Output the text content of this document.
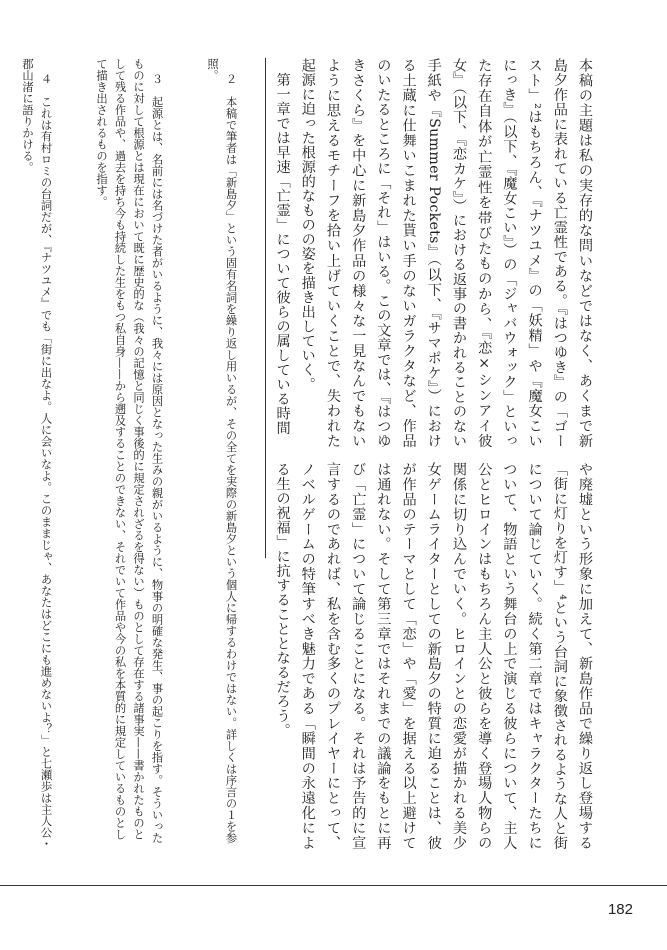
本稿の主題は私の実存的な問いなどではなく、あくまで新島夕作品に表れている亡霊性である。『はつゆき』の「ゴースト」²はもちろん、『ナツユメ』の「妖精」や『魔女こいにっき』（以下、『魔女こい』）の「ジャバウォック」といった存在自体が亡霊性を帯びたものから、『恋×シンアイ彼女』（以下、『恋カケ』）における返事の書かれることのない手紙や『Summer Pockets』（以下、『サマポケ』）における土蔵に仕舞いこまれた貰い手のないガラクタなど、作品のいたるところに「それ」はいる。この文章では、『はつゆきさくら』を中心に新島夕作品の様々な一見なんでもないように思えるモチーフを拾い上げていくことで、失われた起源に迫った根源的なものの姿を描き出していく。
　第一章では早速「亡霊」について彼らの属している時間
や廃墟という形象に加えて、新島作品で繰り返し登場する「街に灯りを灯す」⁴という台詞に象徴されるような人と街について論じていく。続く第二章ではキャラクターたちについて、物語という舞台の上で演じる彼らについて、主人公とヒロインはもちろん主人公と彼らを導く登場人物らの関係に切り込んでいく。ヒロインとの恋愛が描かれる美少女ゲームライターとしての新島夕の特質に迫ることは、彼が作品のテーマとして「恋」や「愛」を据える以上避けては通れない。そして第三章ではそれまでの議論をもとに再び「亡霊」について論じることになる。それは予告的に宣言するのであれば、私を含む多くのプレイヤーにとって、ノベルゲームの特筆すべき魅力である「瞬間の永遠化による生の祝福」に抗することとなるだろう。

２　本稿で筆者は「新島夕」という固有名詞を繰り返し用いるが、その全てを実際の新島夕という個人に帰するわけではない。詳しくは序言の１を参照。

３　起源とは、名前には名づけた者がいるように、我々には原因となった生みの親がいるように、物事の明確な発生、事の起こりを指す。そういったものに対して根源とは現在において既に歴史的な（我々の記憶と同じく事後的に規定されざるを得ない）ものとして存在する諸事実——書かれたものとして残る作品や、過去を持ち今も持続した生をもつ私自身——から遡及することのできない、それでいて作品や今の私を本質的に規定しているものとして描き出されるものを指す。

４　これは有村ロミの台詞だが、『ナツユメ』でも「街に出なよ。人に会いなよ。このままじゃ、あなたはどこにも進めないよ？」と七瀬歩は主人公・郡山渚に語りかける。

182
